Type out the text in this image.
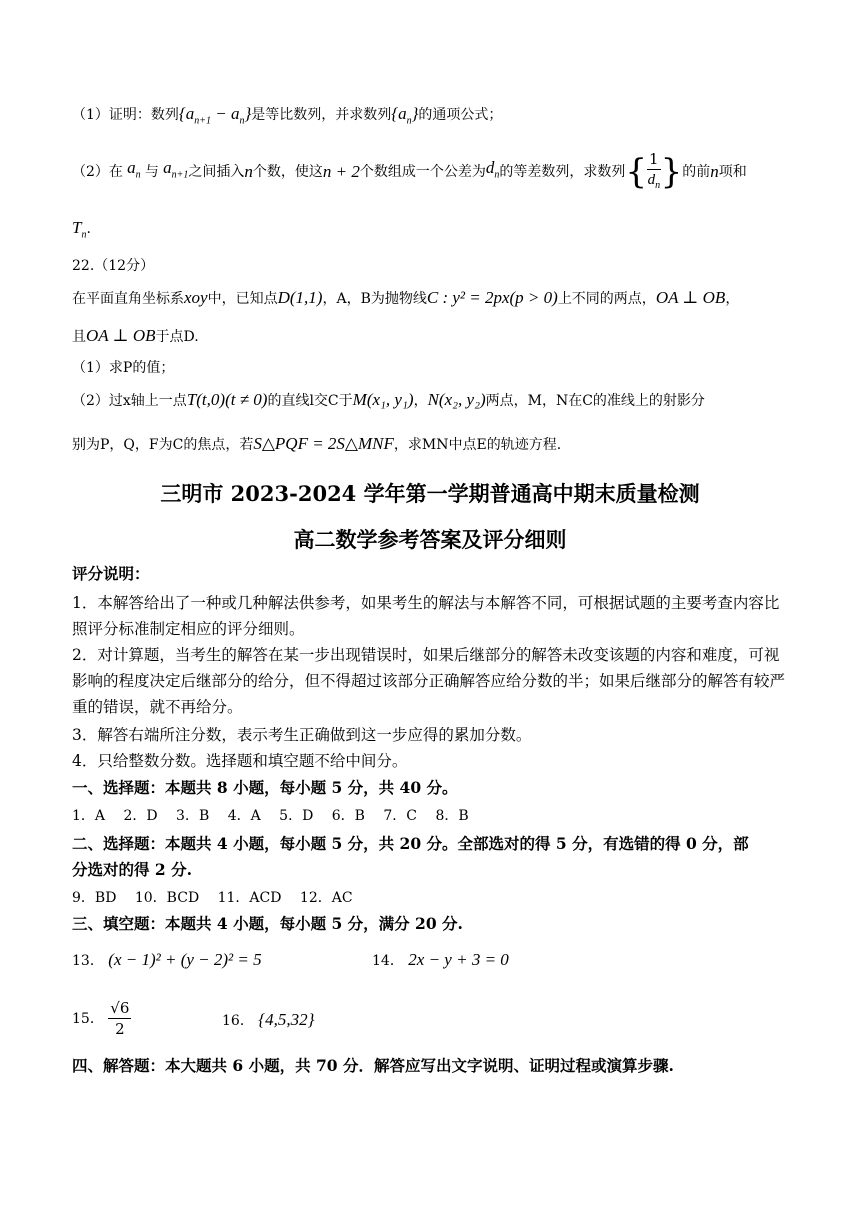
（1）证明：数列$\{a_{n+1} - a_n\}$是等比数列，并求数列$\{a_n\}$的通项公式；
（2）在 $a_n$ 与 $a_{n+1}$ 之间插入 n 个数，使这 n + 2 个数组成一个公差为 $d_n$ 的等差数列，求数列 { $\frac{1}{d_n}$ } 的前 n 项和
$T_n$.
22.（12分）
在平面直角坐标系xoy中，已知点D(1,1)，A，B为抛物线C : y² = 2px(p > 0)上不同的两点，OA ⊥ OB，
且OA ⊥ OB于点D.
（1）求P的值；
（2）过x轴上一点T(t,0)(t ≠ 0)的直线l交C于M(x₁, y₁)，N(x₂, y₂)两点，M，N在C的准线上的射影分
别为P，Q，F为C的焦点，若S△PQF = 2S△MNF，求MN中点E的轨迹方程.
三明市 2023-2024 学年第一学期普通高中期末质量检测
高二数学参考答案及评分细则
评分说明：
1．本解答给出了一种或几种解法供参考，如果考生的解法与本解答不同，可根据试题的主要考查内容比照评分标准制定相应的评分细则。
2．对计算题，当考生的解答在某一步出现错误时，如果后继部分的解答未改变该题的内容和难度，可视影响的程度决定后继部分的给分，但不得超过该部分正确解答应给分数的半；如果后继部分的解答有较严重的错误，就不再给分。
3．解答右端所注分数，表示考生正确做到这一步应得的累加分数。
4．只给整数分数。选择题和填空题不给中间分。
一、选择题：本题共 8 小题，每小题 5 分，共 40 分。
1．A　 2．D　 3．B　 4．A　 5．D　 6．B　 7．C　 8．B
二、选择题：本题共 4 小题，每小题 5 分，共 20 分。全部选对的得 5 分，有选错的得 0 分，部
分选对的得 2 分.
9．BD　 10．BCD　 11．ACD　 12．AC
三、填空题：本题共 4 小题，每小题 5 分，满分 20 分.
13． (x − 1)² + (y − 2)² = 5	14． 2x − y + 3 = 0
15．
$\frac{√6}{2}$	16． {4,5,32}
四、解答题：本大题共 6 小题，共 70 分．解答应写出文字说明、证明过程或演算步骤.
